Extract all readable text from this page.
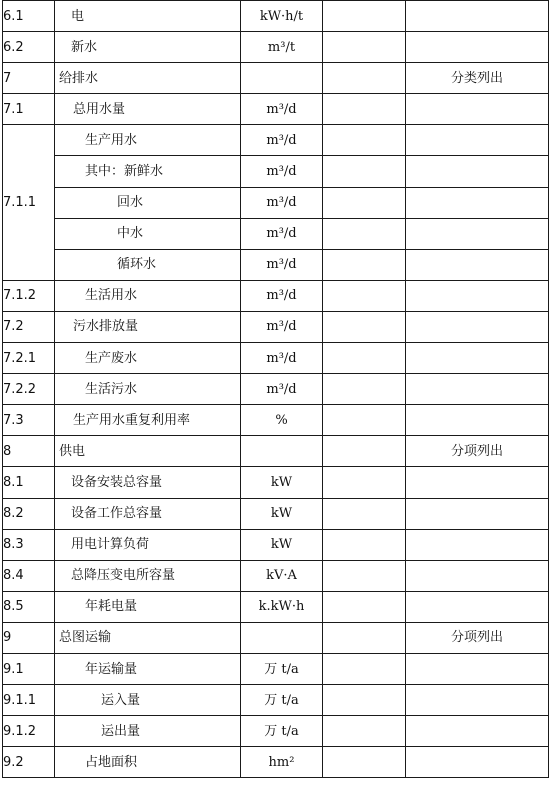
6.1	电	kW·h/t		
6.2	新水	m³/t		
7	给排水			分类列出
7.1	总用水量	m³/d		
7.1.1	生产用水	m³/d		
	其中：新鲜水	m³/d		
	回水	m³/d		
	中水	m³/d		
	循环水	m³/d		
7.1.2	生活用水	m³/d		
7.2	污水排放量	m³/d		
7.2.1	生产废水	m³/d		
7.2.2	生活污水	m³/d		
7.3	生产用水重复利用率	%		
8	供电			分项列出
8.1	设备安装总容量	kW		
8.2	设备工作总容量	kW		
8.3	用电计算负荷	kW		
8.4	总降压变电所容量	kV·A		
8.5	年耗电量	k.kW·h		
9	总图运输			分项列出
9.1	年运输量	万 t/a		
9.1.1	运入量	万 t/a		
9.1.2	运出量	万 t/a		
9.2	占地面积	hm²		
